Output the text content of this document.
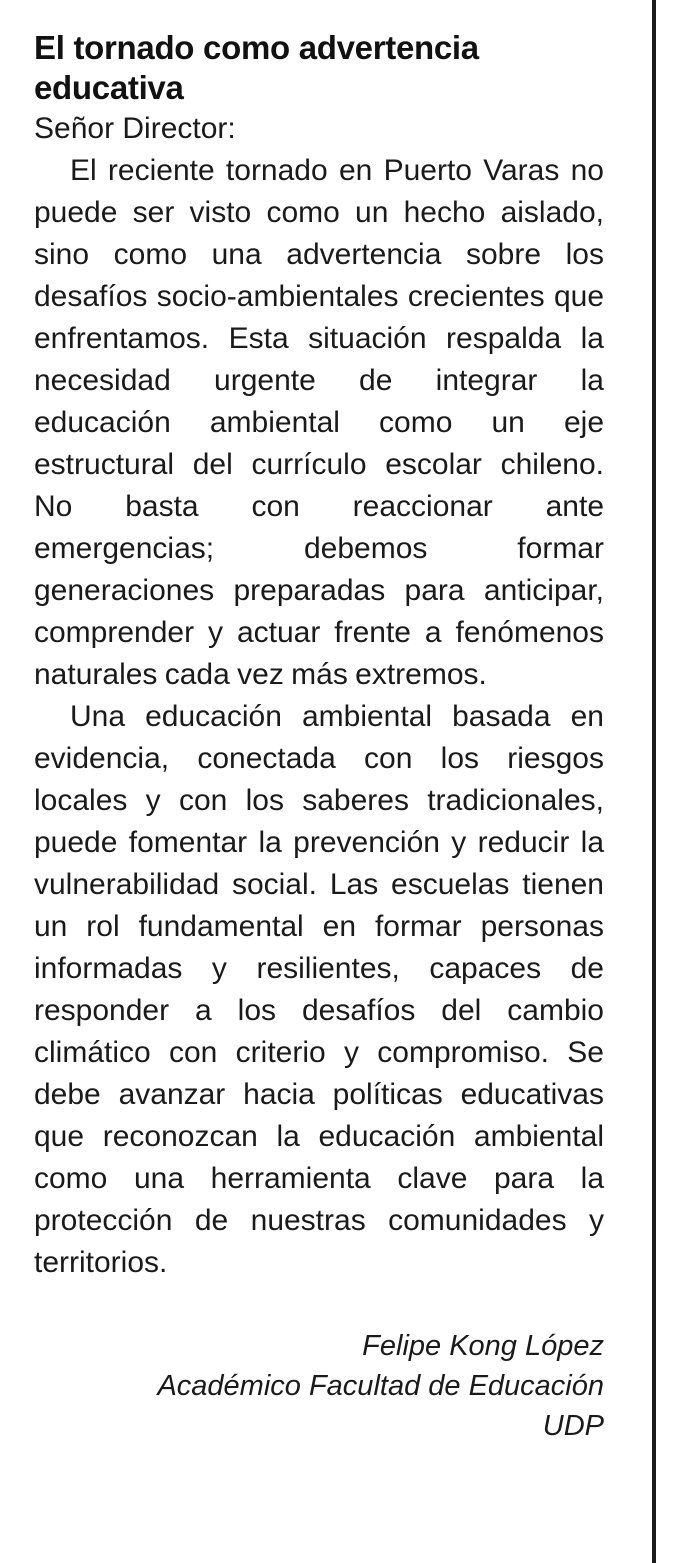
El tornado como advertencia educativa

Señor Director:

El reciente tornado en Puerto Varas no puede ser visto como un hecho aislado, sino como una advertencia sobre los desafíos socio-ambientales crecientes que enfrentamos. Esta situación respalda la necesidad urgente de integrar la educación ambiental como un eje estructural del currículo escolar chileno. No basta con reaccionar ante emergencias; debemos formar generaciones preparadas para anticipar, comprender y actuar frente a fenómenos naturales cada vez más extremos.

Una educación ambiental basada en evidencia, conectada con los riesgos locales y con los saberes tradicionales, puede fomentar la prevención y reducir la vulnerabilidad social. Las escuelas tienen un rol fundamental en formar personas informadas y resilientes, capaces de responder a los desafíos del cambio climático con criterio y compromiso. Se debe avanzar hacia políticas educativas que reconozcan la educación ambiental como una herramienta clave para la protección de nuestras comunidades y territorios.

Felipe Kong López
Académico Facultad de Educación
UDP
